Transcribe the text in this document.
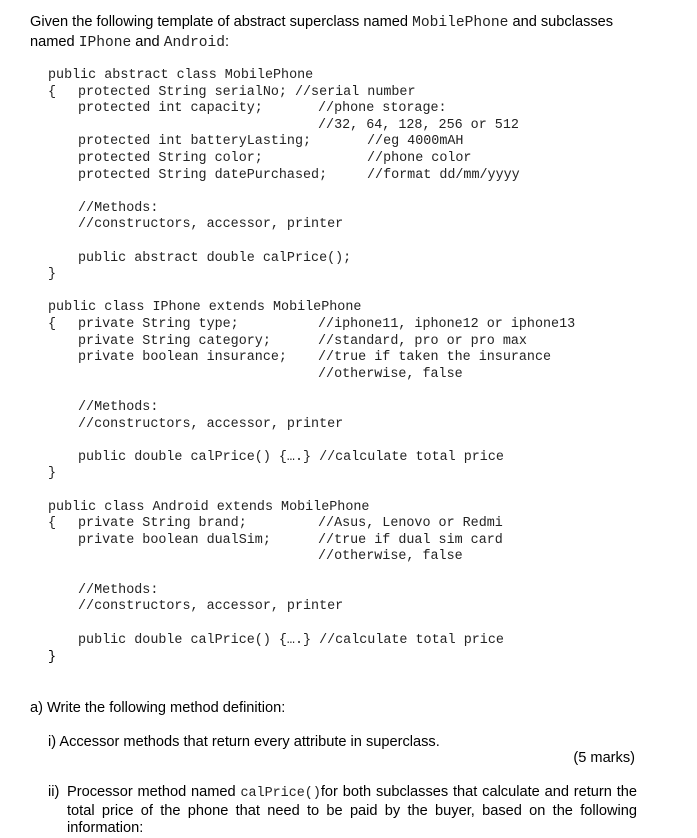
Given the following template of abstract superclass named MobilePhone and subclasses

named IPhone and Android:

public abstract class MobilePhone

{

protected String serialNo; //serial number

protected int capacity;

	//phone storage:

//32, 64, 128, 256 or 512

protected int batteryLasting;

	//eg 4000mAH

protected String color;

	//phone color

protected String datePurchased;

	//format dd/mm/yyyy

//Methods:

//constructors, accessor, printer

public abstract double calPrice();

}

public class IPhone extends MobilePhone

{

private String type;

	//iphone11, iphone12 or iphone13

private String category;

	//standard, pro or pro max

private boolean insurance;

//true if taken the insurance

//otherwise, false

//Methods:

//constructors, accessor, printer

public double calPrice() {….} //calculate total price

}

public class Android extends MobilePhone

{

private String brand;

	//Asus, Lenovo or Redmi

private boolean dualSim;

	//true if dual sim card

//otherwise, false

//Methods:

//constructors, accessor, printer

public double calPrice() {….} //calculate total price

}

a) Write the following method definition:

i) Accessor methods that return every attribute in superclass.

(5 marks)
ii) Processor method named calPrice()for both subclasses that calculate and return the total price of the phone that need to be paid by the buyer, based on the following information:
